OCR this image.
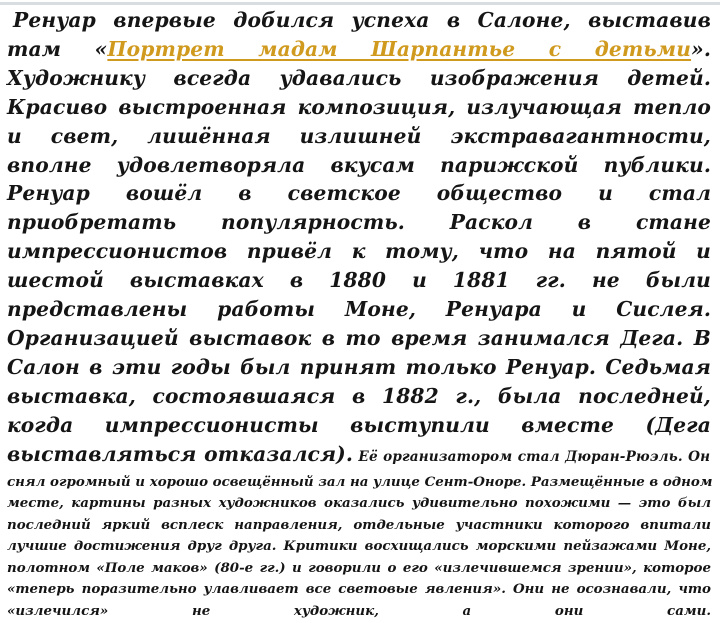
Ренуар впервые добился успеха в Салоне, выставив там «Портрет мадам Шарпантье с детьми». Художнику всегда удавались изображения детей. Красиво выстроенная композиция, излучающая тепло и свет, лишённая излишней экстравагантности, вполне удовлетворяла вкусам парижской публики. Ренуар вошёл в светское общество и стал приобретать популярность. Раскол в стане импрессионистов привёл к тому, что на пятой и шестой выставках в 1880 и 1881 гг. не были представлены работы Моне, Ренуара и Сислея. Организацией выставок в то время занимался Дега. В Салон в эти годы был принят только Ренуар. Седьмая выставка, состоявшаяся в 1882 г., была последней, когда импрессионисты выступили вместе (Дега выставляться отказался). Её организатором стал Дюран-Рюэль. Он
снял огромный и хорошо освещённый зал на улице Сент-Оноре. Размещённые в одном
месте, картины разных художников оказались удивительно похожими — это был
последний яркий всплеск направления, отдельные участники которого впитали
лучшие достижения друг друга. Критики восхищались морскими пейзажами Моне,
полотном «Поле маков» (80-е гг.) и говорили о его «излечившемся зрении», которое
«теперь поразительно улавливает все световые явления». Они не осознавали, что
«излечился» не художник, а они сами.
